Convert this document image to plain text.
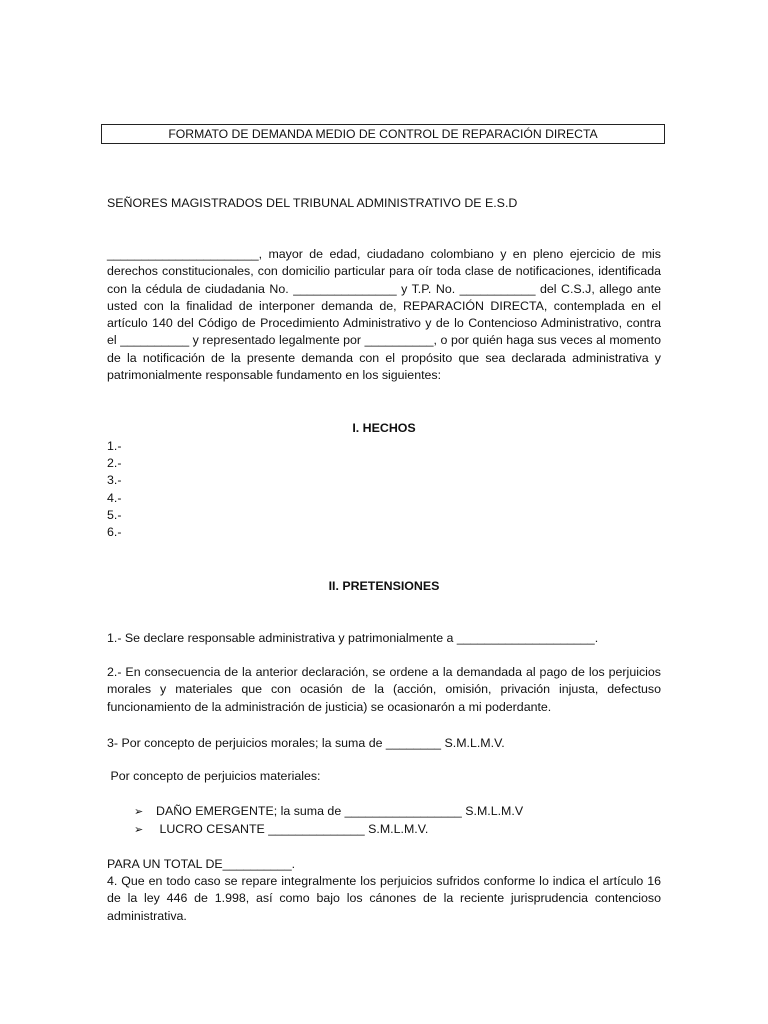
FORMATO DE DEMANDA MEDIO DE CONTROL DE REPARACIÓN DIRECTA
SEÑORES MAGISTRADOS DEL TRIBUNAL ADMINISTRATIVO DE E.S.D

______________________, mayor de edad, ciudadano colombiano y en pleno ejercicio de mis derechos constitucionales, con domicilio particular para oír toda clase de notificaciones, identificada con la cédula de ciudadania No. _______________ y T.P. No. ___________ del C.S.J, allego ante usted con la finalidad de interponer demanda de, REPARACIÓN DIRECTA, contemplada en el artículo 140 del Código de Procedimiento Administrativo y de lo Contencioso Administrativo, contra el __________ y representado legalmente por __________, o por quién haga sus veces al momento de la notificación de la presente demanda con el propósito que sea declarada administrativa y patrimonialmente responsable fundamento en los siguientes:

I. HECHOS
1.-
2.-
3.-
4.-
5.-
6.-
II. PRETENSIONES
1.- Se declare responsable administrativa y patrimonialmente a ____________________.

2.- En consecuencia de la anterior declaración, se ordene a la demandada al pago de los perjuicios morales y materiales que con ocasión de la (acción, omisión, privación injusta, defectuso funcionamiento de la administración de justicia) se ocasionarón a mi poderdante.

3- Por concepto de perjuicios morales; la suma de ________ S.M.L.M.V.
Por concepto de perjuicios materiales:
➢ DAÑO EMERGENTE; la suma de _________________ S.M.L.M.V
➢ LUCRO CESANTE ______________ S.M.L.M.V.
PARA UN TOTAL DE__________.

4. Que en todo caso se repare integralmente los perjuicios sufridos conforme lo indica el artículo 16 de la ley 446 de 1.998, así como bajo los cánones de la reciente jurisprudencia contencioso administrativa.
